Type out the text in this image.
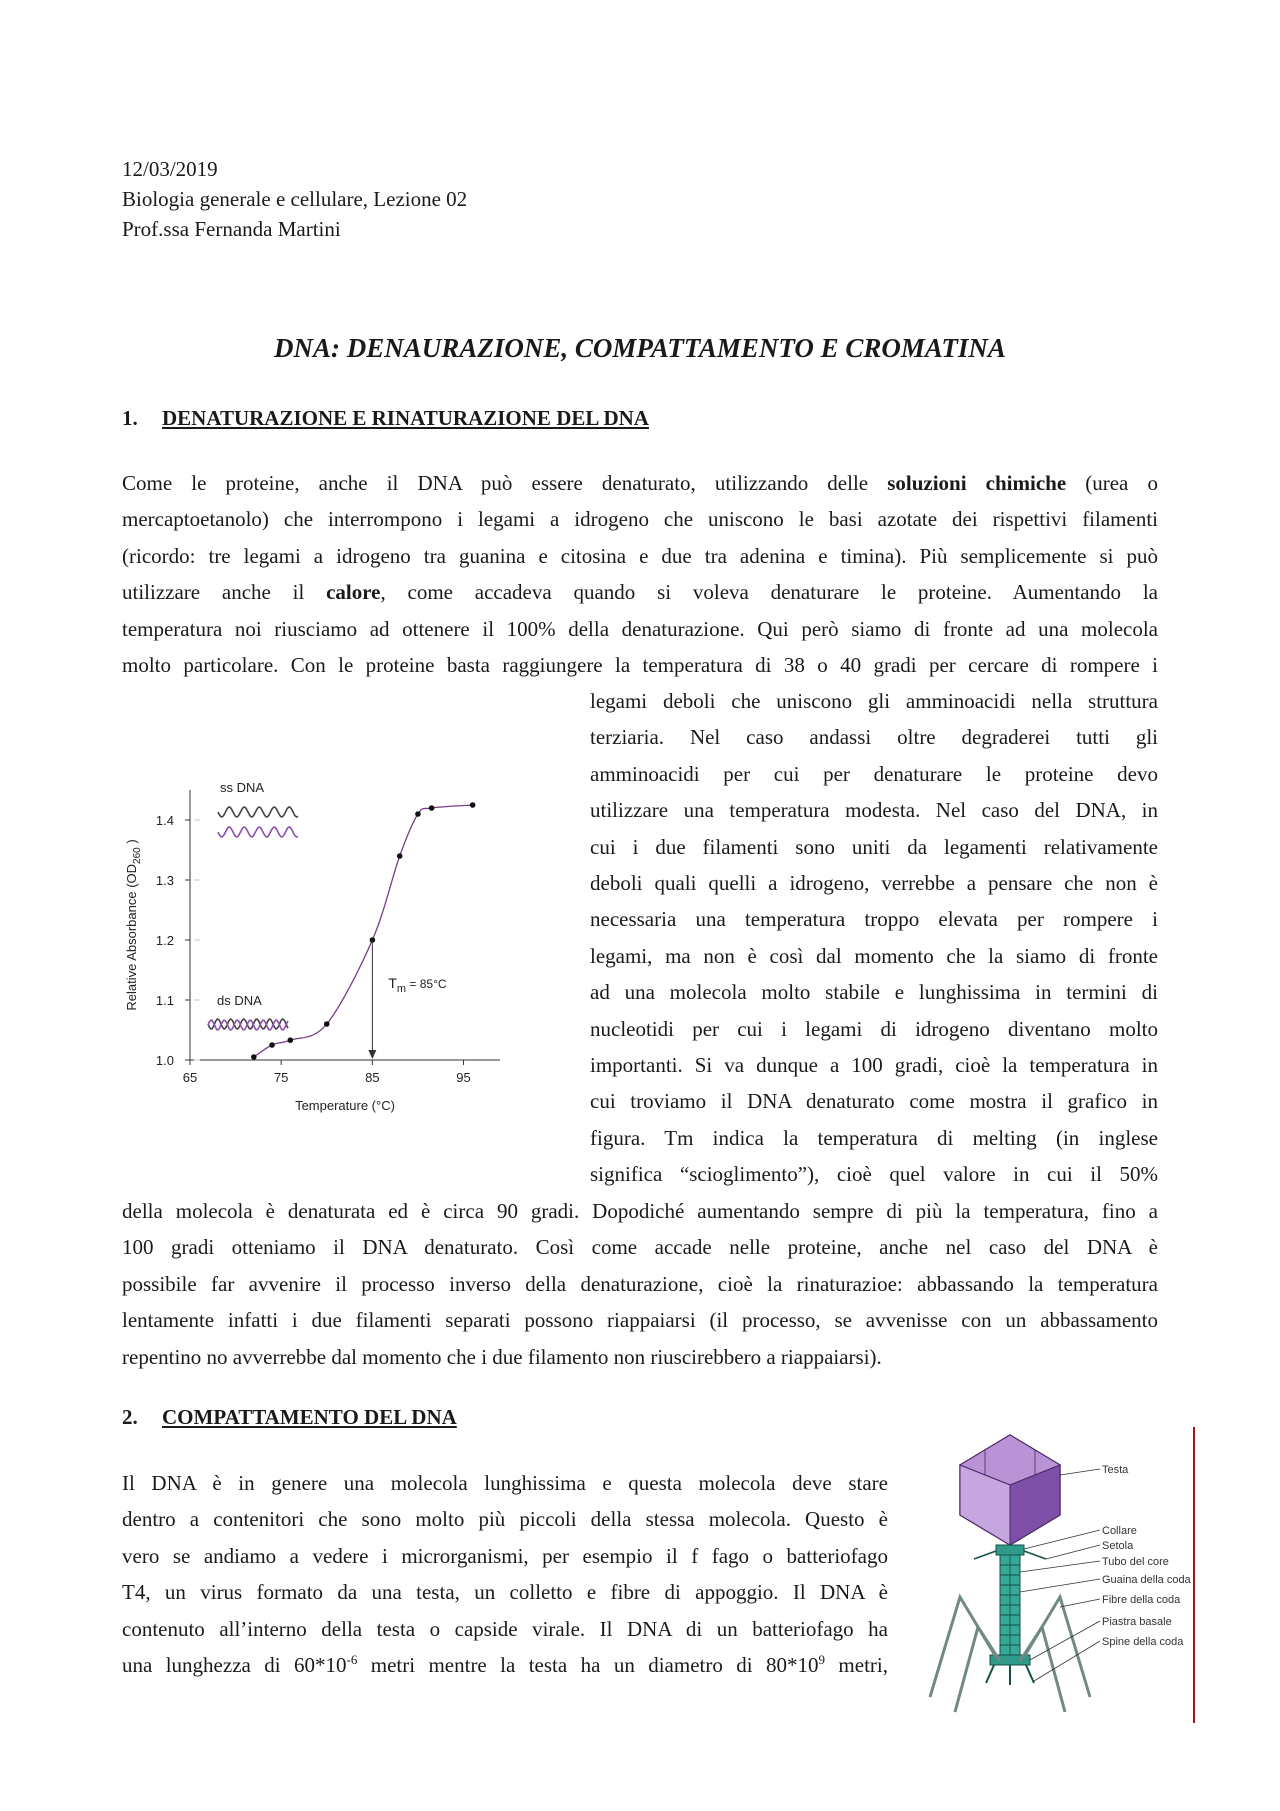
12/03/2019
Biologia generale e cellulare, Lezione 02
Prof.ssa Fernanda Martini
DNA: DENAURAZIONE, COMPATTAMENTO E CROMATINA
1. DENATURAZIONE E RINATURAZIONE DEL DNA
Come le proteine, anche il DNA può essere denaturato, utilizzando delle soluzioni chimiche (urea o
mercaptoetanolo) che interrompono i legami a idrogeno che uniscono le basi azotate dei rispettivi filamenti
(ricordo: tre legami a idrogeno tra guanina e citosina e due tra adenina e timina). Più semplicemente si può
utilizzare anche il calore, come accadeva quando si voleva denaturare le proteine. Aumentando la
temperatura noi riusciamo ad ottenere il 100% della denaturazione. Qui però siamo di fronte ad una molecola
molto particolare. Con le proteine basta raggiungere la temperatura di 38 o 40 gradi per cercare di rompere i
legami deboli che uniscono gli amminoacidi nella struttura
terziaria. Nel caso andassi oltre degraderei tutti gli
amminoacidi per cui per denaturare le proteine devo
utilizzare una temperatura modesta. Nel caso del DNA, in
cui i due filamenti sono uniti da legamenti relativamente
deboli quali quelli a idrogeno, verrebbe a pensare che non è
necessaria una temperatura troppo elevata per rompere i
legami, ma non è così dal momento che la siamo di fronte
ad una molecola molto stabile e lunghissima in termini di
nucleotidi per cui i legami di idrogeno diventano molto
importanti. Si va dunque a 100 gradi, cioè la temperatura in
cui troviamo il DNA denaturato come mostra il grafico in
figura. Tm indica la temperatura di melting (in inglese
significa “scioglimento”), cioè quel valore in cui il 50%
della molecola è denaturata ed è circa 90 gradi. Dopodiché aumentando sempre di più la temperatura, fino a
100 gradi otteniamo il DNA denaturato. Così come accade nelle proteine, anche nel caso del DNA è
possibile far avvenire il processo inverso della denaturazione, cioè la rinaturazioe: abbassando la temperatura
lentamente infatti i due filamenti separati possono riappaiarsi (il processo, se avvenisse con un abbassamento
repentino no avverrebbe dal momento che i due filamento non riuscirebbero a riappaiarsi).
65	75	85	95
1.0
1.1
1.2
1.3
1.4
Temperature (°C)
Relative Absorbance ($OD_{260}$ )
$T_m = 85^\circ C$
ss DNA
ds DNA
2. COMPATTAMENTO DEL DNA
Il DNA è in genere una molecola lunghissima e questa molecola deve stare
dentro a contenitori che sono molto più piccoli della stessa molecola. Questo è
vero se andiamo a vedere i microrganismi, per esempio il f fago o batteriofago
T4, un virus formato da una testa, un colletto e fibre di appoggio. Il DNA è
contenuto all’interno della testa o capside virale. Il DNA di un batteriofago ha
una lunghezza di $60*10^{-6}$ metri mentre la testa ha un diametro di $80*10^9$ metri,
Testa
Collare
Setola
Tubo del core
Guaina della coda
Fibre della coda
Piastra basale
Spine della coda
